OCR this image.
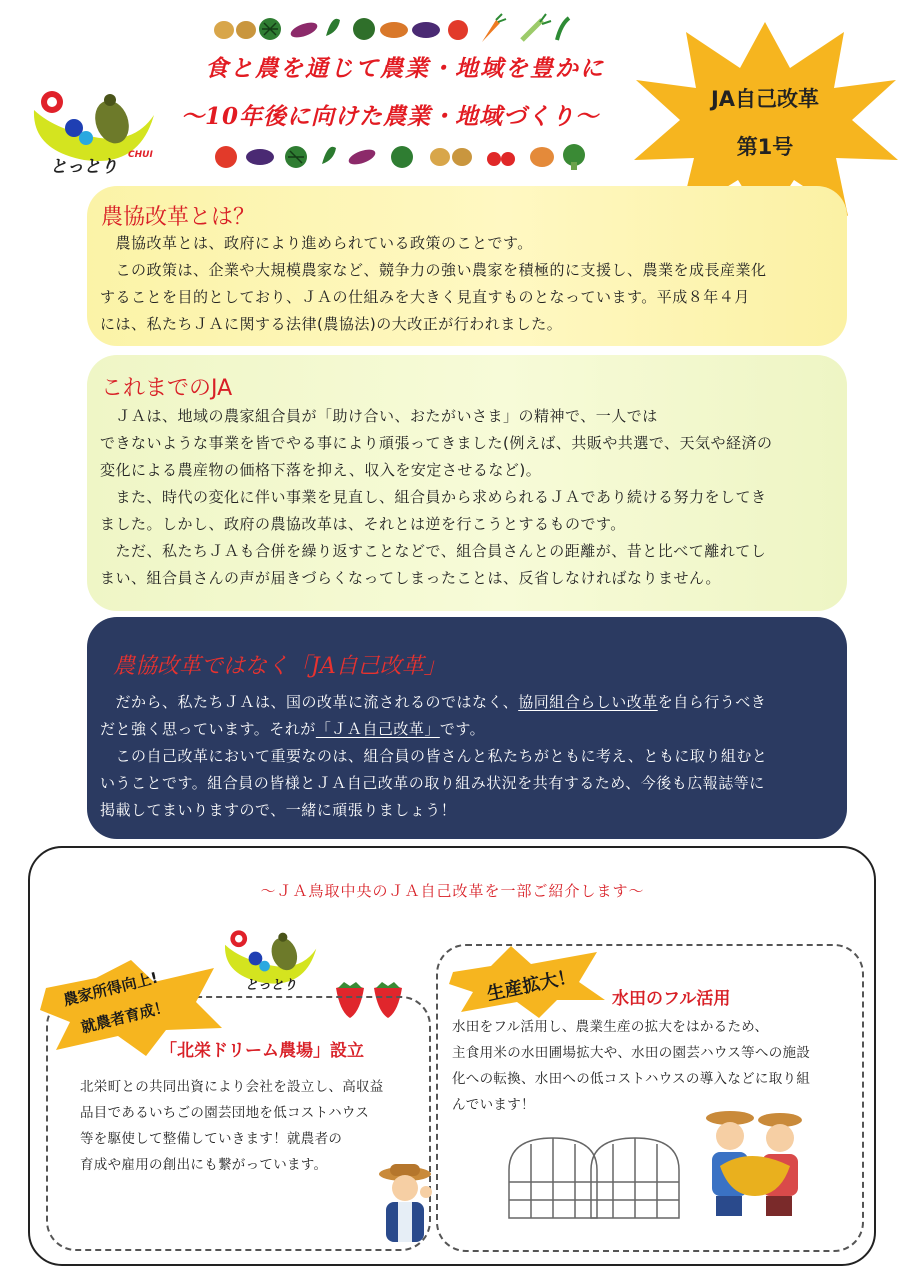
食と農を通じて農業・地域を豊かに
〜10年後に向けた農業・地域づくり〜
とっとり
CHUI
JA自己改革
第1号
農協改革とは？
　農協改革とは、政府により進められている政策のことです。
　この政策は、企業や大規模農家など、競争力の強い農家を積極的に支援し、農業を成長産業化
することを目的としており、ＪＡの仕組みを大きく見直すものとなっています。平成８年４月
には、私たちＪＡに関する法律(農協法)の大改正が行われました。
これまでのJA
　ＪＡは、地域の農家組合員が「助け合い、おたがいさま」の精神で、一人では
できないような事業を皆でやる事により頑張ってきました(例えば、共販や共選で、天気や経済の
変化による農産物の価格下落を抑え、収入を安定させるなど)。
　また、時代の変化に伴い事業を見直し、組合員から求められるＪＡであり続ける努力をしてき
ました。しかし、政府の農協改革は、それとは逆を行こうとするものです。
　ただ、私たちＪＡも合併を繰り返すことなどで、組合員さんとの距離が、昔と比べて離れてし
まい、組合員さんの声が届きづらくなってしまったことは、反省しなければなりません。
農協改革ではなく「JA自己改革」
　だから、私たちＪＡは、国の改革に流されるのではなく、協同組合らしい改革を自ら行うべき
だと強く思っています。それが「ＪＡ自己改革」です。
　この自己改革において重要なのは、組合員の皆さんと私たちがともに考え、ともに取り組むと
いうことです。組合員の皆様とＪＡ自己改革の取り組み状況を共有するため、今後も広報誌等に
掲載してまいりますので、一緒に頑張りましょう！
〜ＪＡ鳥取中央のＪＡ自己改革を一部ご紹介します〜
とっとり
農家所得向上!
就農者育成！
「北栄ドリーム農場」設立
北栄町との共同出資により会社を設立し、高収益
品目であるいちごの園芸団地を低コストハウス
等を駆使して整備していきます！就農者の
育成や雇用の創出にも繋がっています。
生産拡大！ 水田のフル活用
水田をフル活用し、農業生産の拡大をはかるため、
主食用米の水田圃場拡大や、水田の園芸ハウス等への施設
化への転換、水田への低コストハウスの導入などに取り組
んでいます！
